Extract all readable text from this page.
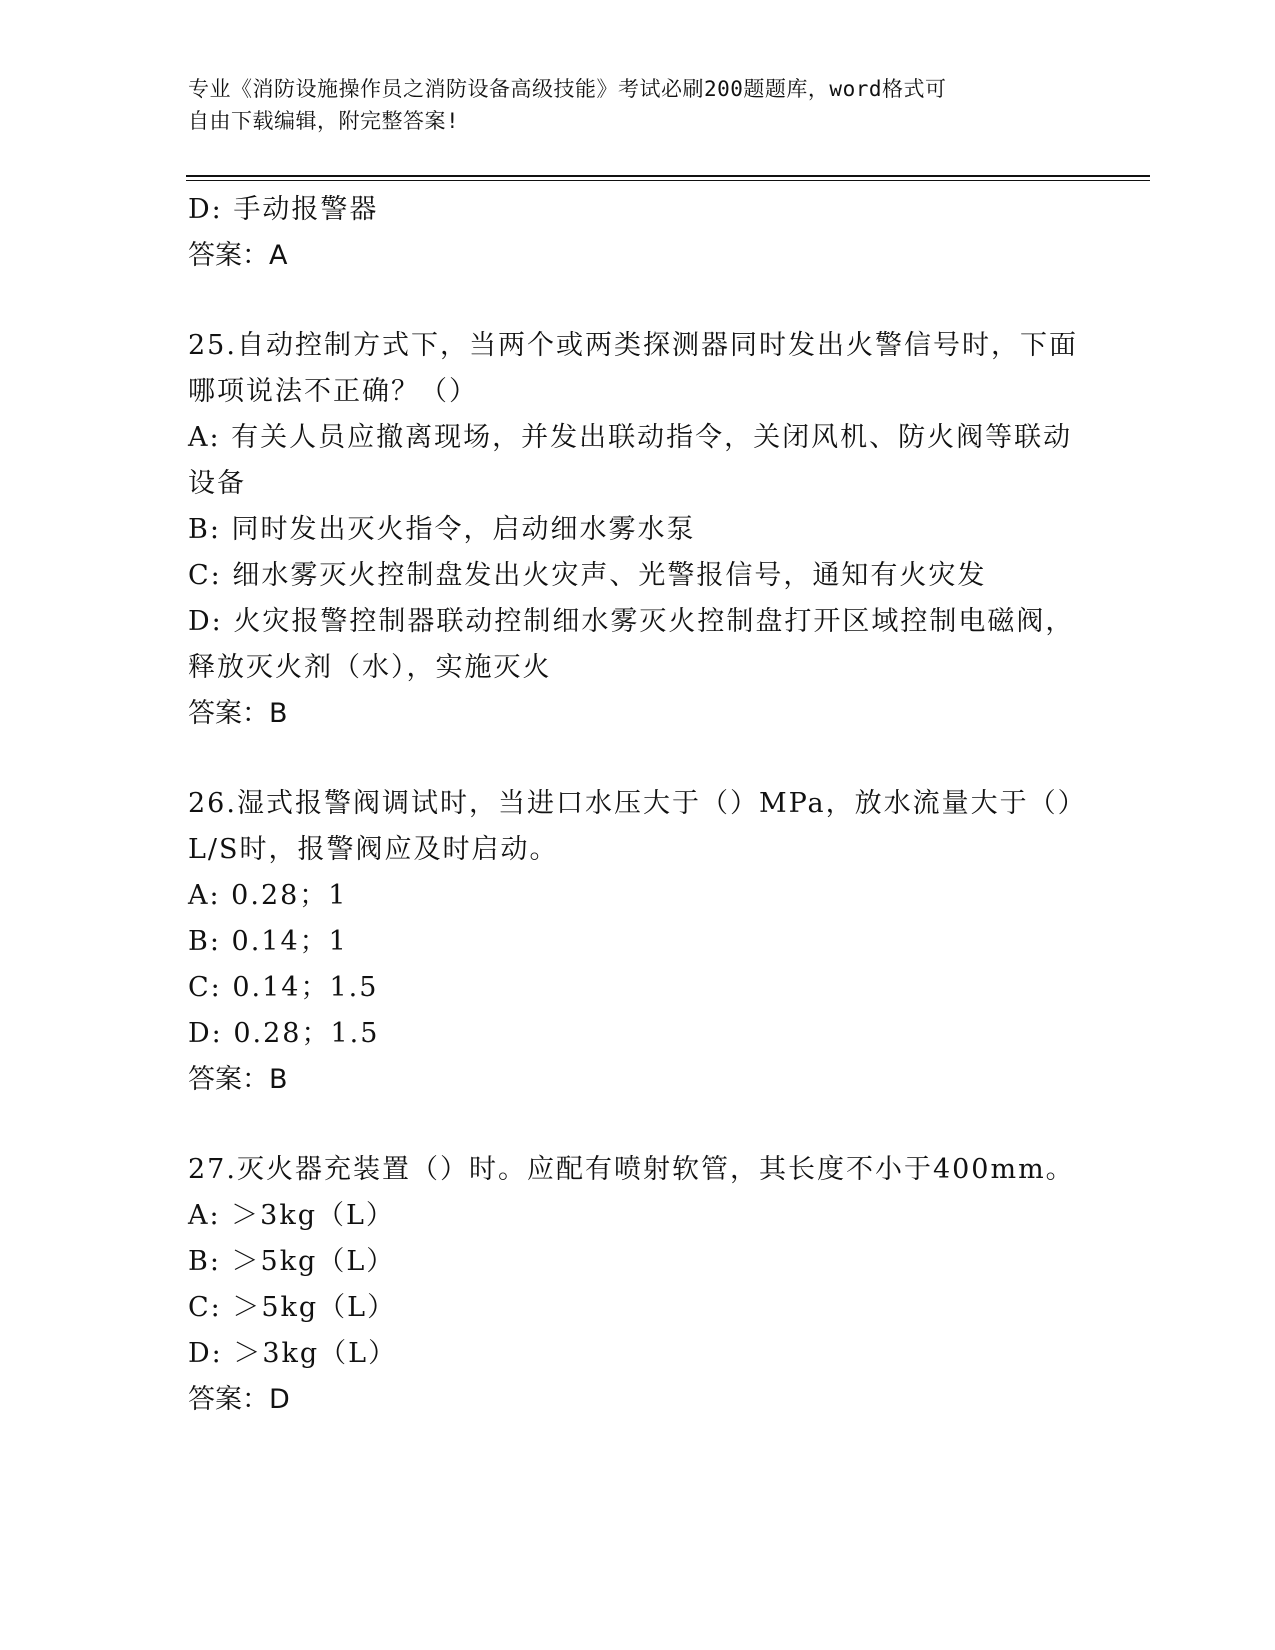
专业《消防设施操作员之消防设备高级技能》考试必刷200题题库，word格式可
自由下载编辑，附完整答案!
D: 手动报警器
答案：A
25.自动控制方式下，当两个或两类探测器同时发出火警信号时，下面
哪项说法不正确？（）
A: 有关人员应撤离现场，并发出联动指令，关闭风机、防火阀等联动
设备
B: 同时发出灭火指令，启动细水雾水泵
C: 细水雾灭火控制盘发出火灾声、光警报信号，通知有火灾发
D: 火灾报警控制器联动控制细水雾灭火控制盘打开区域控制电磁阀，
释放灭火剂（水），实施灭火
答案：B
26.湿式报警阀调试时，当进口水压大于（）MPa，放水流量大于（）
L/S时，报警阀应及时启动。
A: 0.28；1
B: 0.14；1
C: 0.14；1.5
D: 0.28；1.5
答案：B
27.灭火器充装置（）时。应配有喷射软管，其长度不小于400mm。
A: ＞3kg（L）
B: ＞5kg（L）
C: ＞5kg（L）
D: ＞3kg（L）
答案：D
